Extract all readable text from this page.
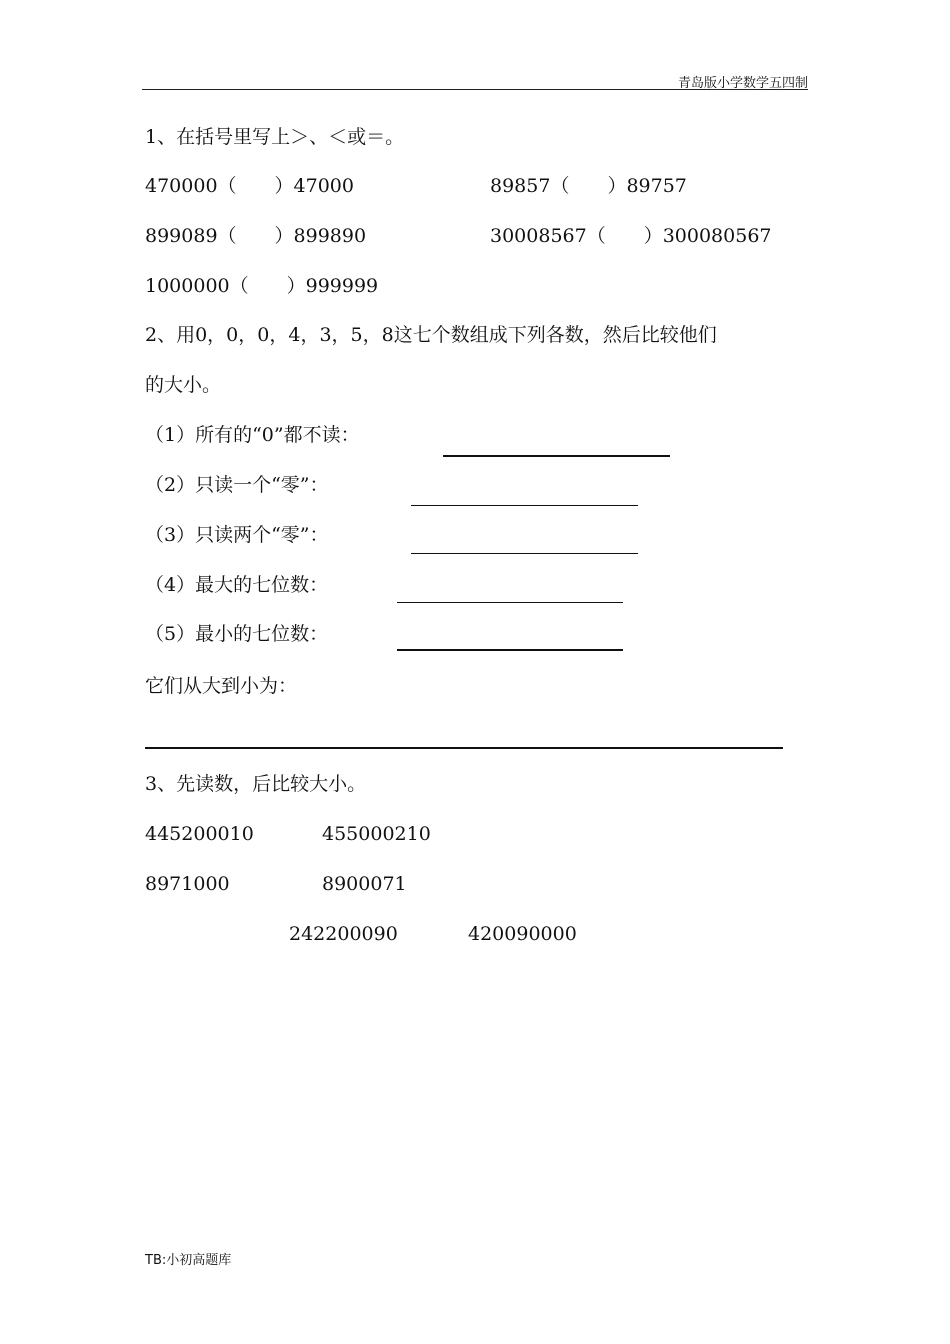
青岛版小学数学五四制
1、在括号里写上＞、＜或＝。
470000（　　）47000	89857（　　）89757
899089（　　）899890	30008567（　　）300080567
1000000（　　）999999
2、用0，0，0，4，3，5，8这七个数组成下列各数，然后比较他们
的大小。
（1）所有的“0”都不读：
（2）只读一个“零”：
（3）只读两个“零”：
（4）最大的七位数：
（5）最小的七位数：
它们从大到小为：
3、先读数，后比较大小。
445200010	455000210
8971000	8900071
242200090	420090000
TB:小初高题库
